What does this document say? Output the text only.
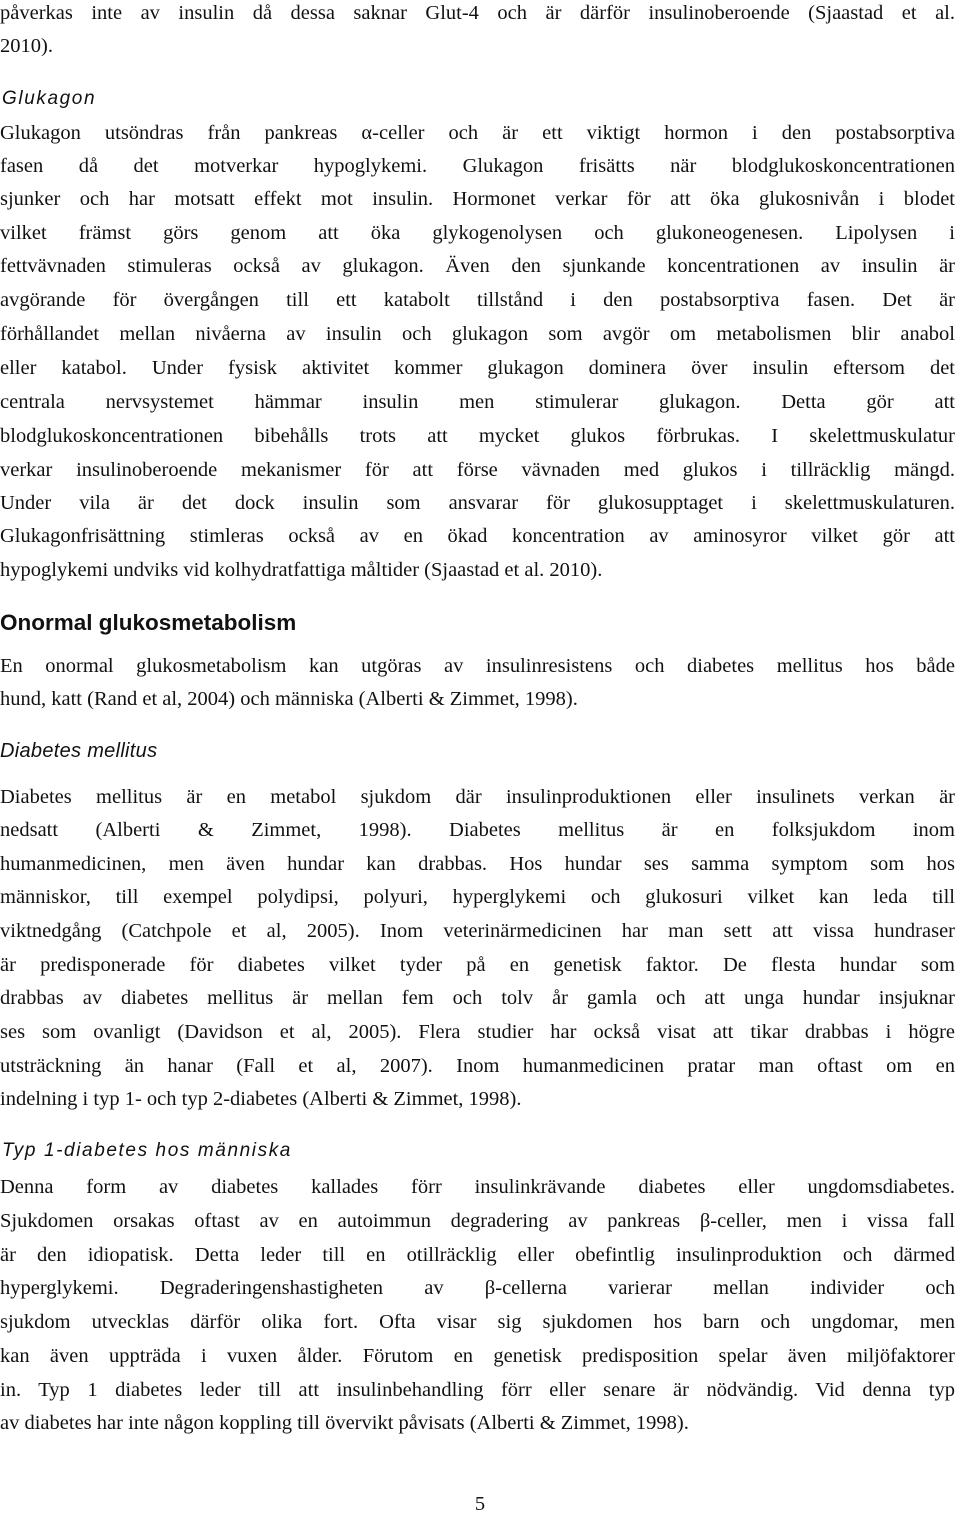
påverkas inte av insulin då dessa saknar Glut-4 och är därför insulinoberoende (Sjaastad et al.
2010).
Glukagon
Glukagon utsöndras från pankreas α-celler och är ett viktigt hormon i den postabsorptiva
fasen då det motverkar hypoglykemi. Glukagon frisätts när blodglukoskoncentrationen
sjunker och har motsatt effekt mot insulin. Hormonet verkar för att öka glukosnivån i blodet
vilket främst görs genom att öka glykogenolysen och glukoneogenesen. Lipolysen i
fettvävnaden stimuleras också av glukagon. Även den sjunkande koncentrationen av insulin är
avgörande för övergången till ett katabolt tillstånd i den postabsorptiva fasen. Det är
förhållandet mellan nivåerna av insulin och glukagon som avgör om metabolismen blir anabol
eller katabol. Under fysisk aktivitet kommer glukagon dominera över insulin eftersom det
centrala nervsystemet hämmar insulin men stimulerar glukagon. Detta gör att
blodglukoskoncentrationen bibehålls trots att mycket glukos förbrukas. I skelettmuskulatur
verkar insulinoberoende mekanismer för att förse vävnaden med glukos i tillräcklig mängd.
Under vila är det dock insulin som ansvarar för glukosupptaget i skelettmuskulaturen.
Glukagonfrisättning stimleras också av en ökad koncentration av aminosyror vilket gör att
hypoglykemi undviks vid kolhydratfattiga måltider (Sjaastad et al. 2010).
Onormal glukosmetabolism
En onormal glukosmetabolism kan utgöras av insulinresistens och diabetes mellitus hos både
hund, katt (Rand et al, 2004) och människa (Alberti & Zimmet, 1998).
Diabetes mellitus
Diabetes mellitus är en metabol sjukdom där insulinproduktionen eller insulinets verkan är
nedsatt (Alberti & Zimmet, 1998). Diabetes mellitus är en folksjukdom inom
humanmedicinen, men även hundar kan drabbas. Hos hundar ses samma symptom som hos
människor, till exempel polydipsi, polyuri, hyperglykemi och glukosuri vilket kan leda till
viktnedgång (Catchpole et al, 2005). Inom veterinärmedicinen har man sett att vissa hundraser
är predisponerade för diabetes vilket tyder på en genetisk faktor. De flesta hundar som
drabbas av diabetes mellitus är mellan fem och tolv år gamla och att unga hundar insjuknar
ses som ovanligt (Davidson et al, 2005). Flera studier har också visat att tikar drabbas i högre
utsträckning än hanar (Fall et al, 2007). Inom humanmedicinen pratar man oftast om en
indelning i typ 1- och typ 2-diabetes (Alberti & Zimmet, 1998).
Typ 1-diabetes hos människa
Denna form av diabetes kallades förr insulinkrävande diabetes eller ungdomsdiabetes.
Sjukdomen orsakas oftast av en autoimmun degradering av pankreas β-celler, men i vissa fall
är den idiopatisk. Detta leder till en otillräcklig eller obefintlig insulinproduktion och därmed
hyperglykemi. Degraderingenshastigheten av β-cellerna varierar mellan individer och
sjukdom utvecklas därför olika fort. Ofta visar sig sjukdomen hos barn och ungdomar, men
kan även uppträda i vuxen ålder. Förutom en genetisk predisposition spelar även miljöfaktorer
in. Typ 1 diabetes leder till att insulinbehandling förr eller senare är nödvändig. Vid denna typ
av diabetes har inte någon koppling till övervikt påvisats (Alberti & Zimmet, 1998).
5
